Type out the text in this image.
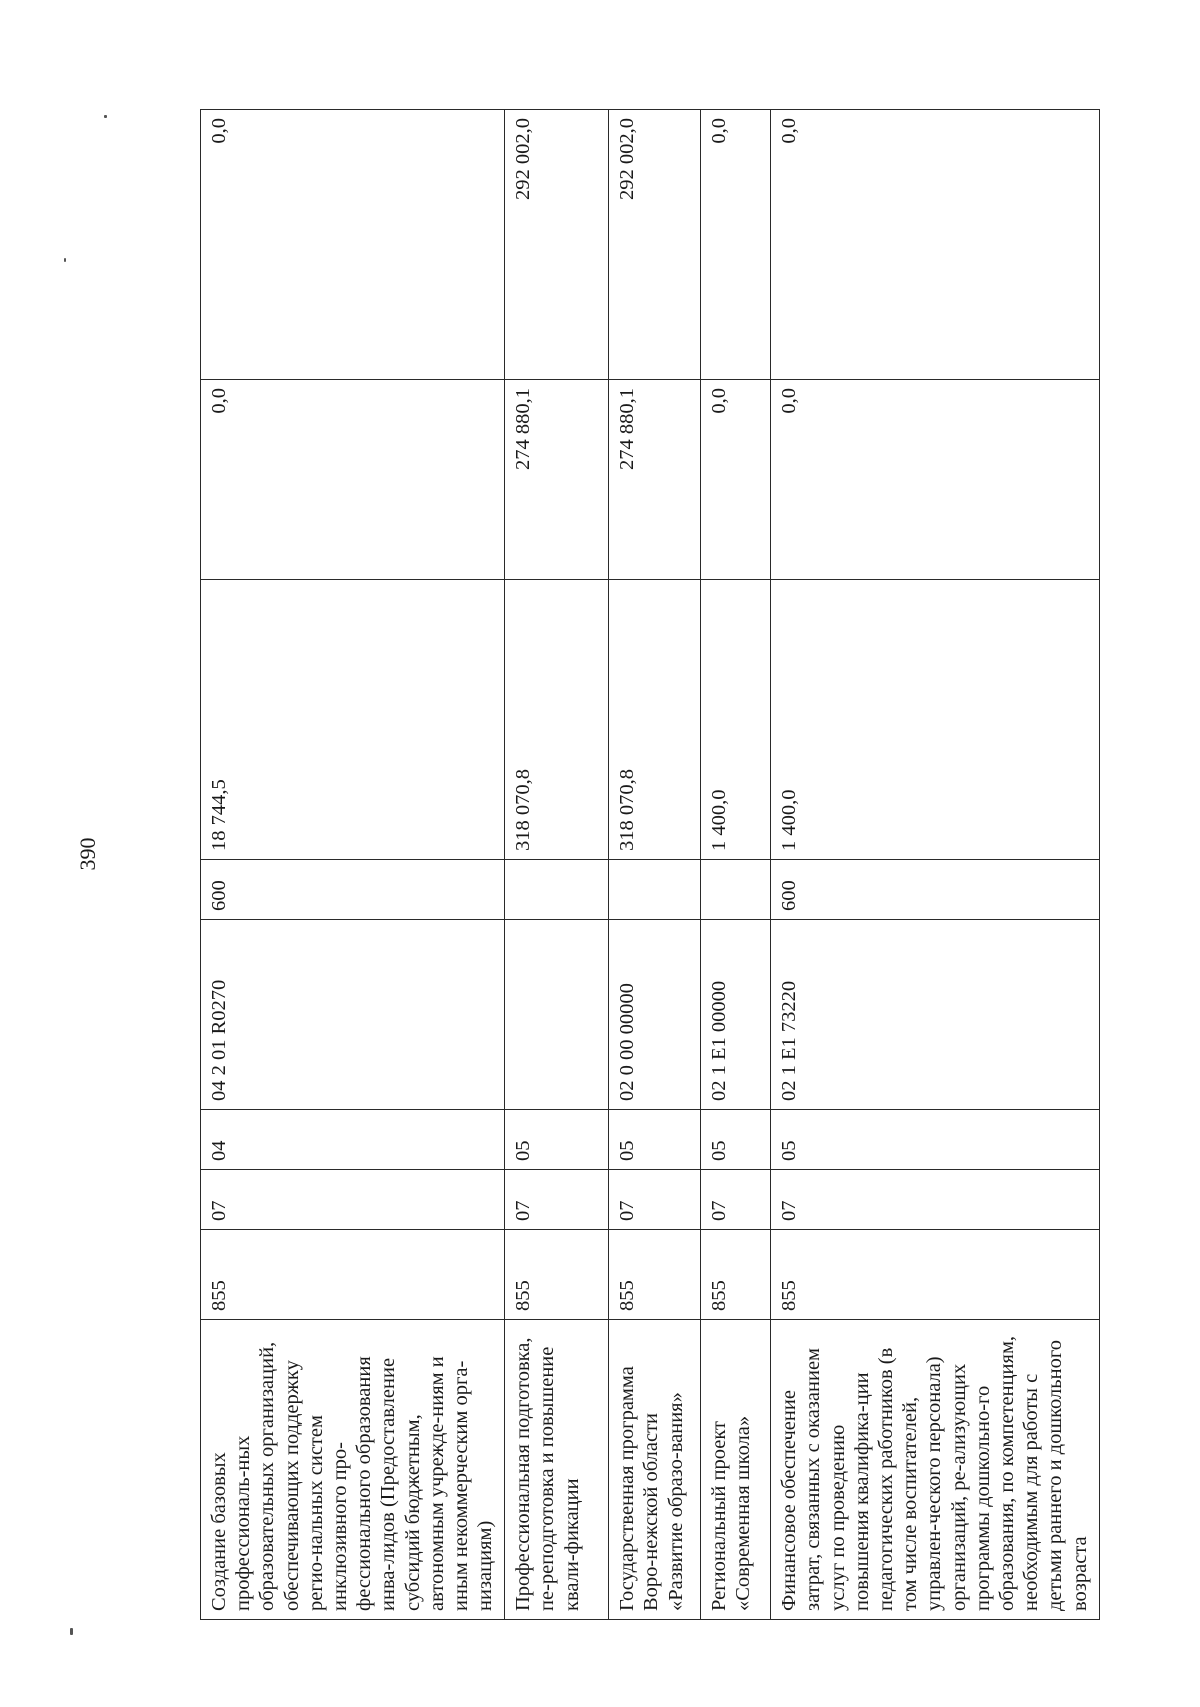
390
Создание базовых профессиональ-ных образовательных организаций, обеспечивающих поддержку регио-нальных систем инклюзивного про-фессионального образования инва-лидов (Предоставление субсидий бюджетным, автономным учрежде-ниям и иным некоммерческим орга-низациям)	855	07	04	04 2 01 R0270	600	18 744,5	0,0	0,0
Профессиональная подготовка, пе-реподготовка и повышение квали-фикации	855	07	05			318 070,8	274 880,1	292 002,0
Государственная программа Воро-нежской области «Развитие образо-вания»	855	07	05	02 0 00 00000		318 070,8	274 880,1	292 002,0
Региональный проект «Современная школа»	855	07	05	02 1 E1 00000		1 400,0	0,0	0,0
Финансовое обеспечение затрат, связанных с оказанием услуг по проведению повышения квалифика-ции педагогических работников (в том числе воспитателей, управлен-ческого персонала) организаций, ре-ализующих программы дошкольно-го образования, по компетенциям, необходимым для работы с детьми раннего и дошкольного возраста	855	07	05	02 1 E1 73220	600	1 400,0	0,0	0,0
